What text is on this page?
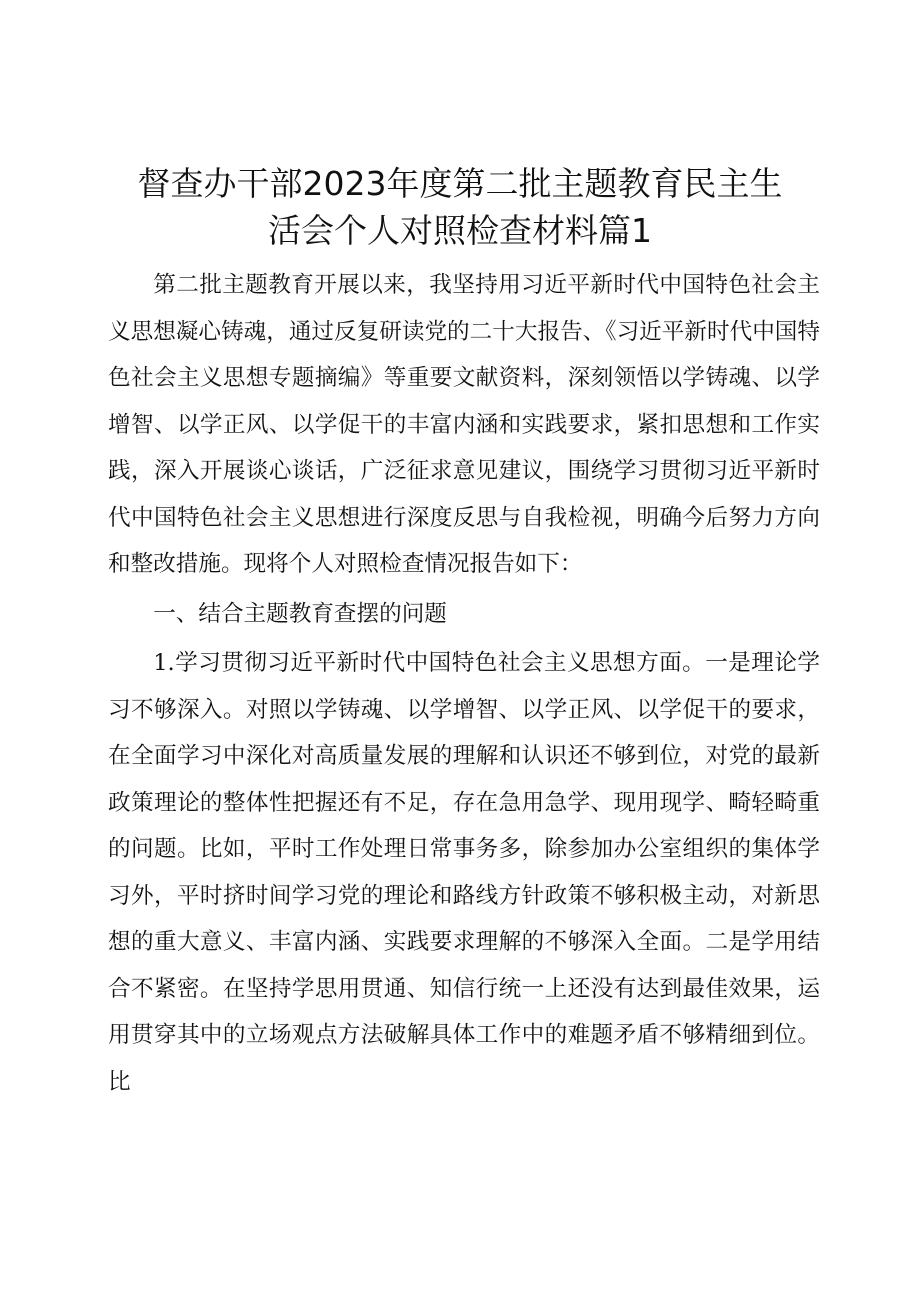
督查办干部2023年度第二批主题教育民主生
活会个人对照检查材料篇1

第二批主题教育开展以来，我坚持用习近平新时代中国特色社会主义思想凝心铸魂，通过反复研读党的二十大报告、《习近平新时代中国特色社会主义思想专题摘编》等重要文献资料，深刻领悟以学铸魂、以学增智、以学正风、以学促干的丰富内涵和实践要求，紧扣思想和工作实践，深入开展谈心谈话，广泛征求意见建议，围绕学习贯彻习近平新时代中国特色社会主义思想进行深度反思与自我检视，明确今后努力方向和整改措施。现将个人对照检查情况报告如下：

一、结合主题教育查摆的问题

1.学习贯彻习近平新时代中国特色社会主义思想方面。一是理论学习不够深入。对照以学铸魂、以学增智、以学正风、以学促干的要求，在全面学习中深化对高质量发展的理解和认识还不够到位，对党的最新政策理论的整体性把握还有不足，存在急用急学、现用现学、畸轻畸重的问题。比如，平时工作处理日常事务多，除参加办公室组织的集体学习外，平时挤时间学习党的理论和路线方针政策不够积极主动，对新思想的重大意义、丰富内涵、实践要求理解的不够深入全面。二是学用结合不紧密。在坚持学思用贯通、知信行统一上还没有达到最佳效果，运用贯穿其中的立场观点方法破解具体工作中的难题矛盾不够精细到位。比
